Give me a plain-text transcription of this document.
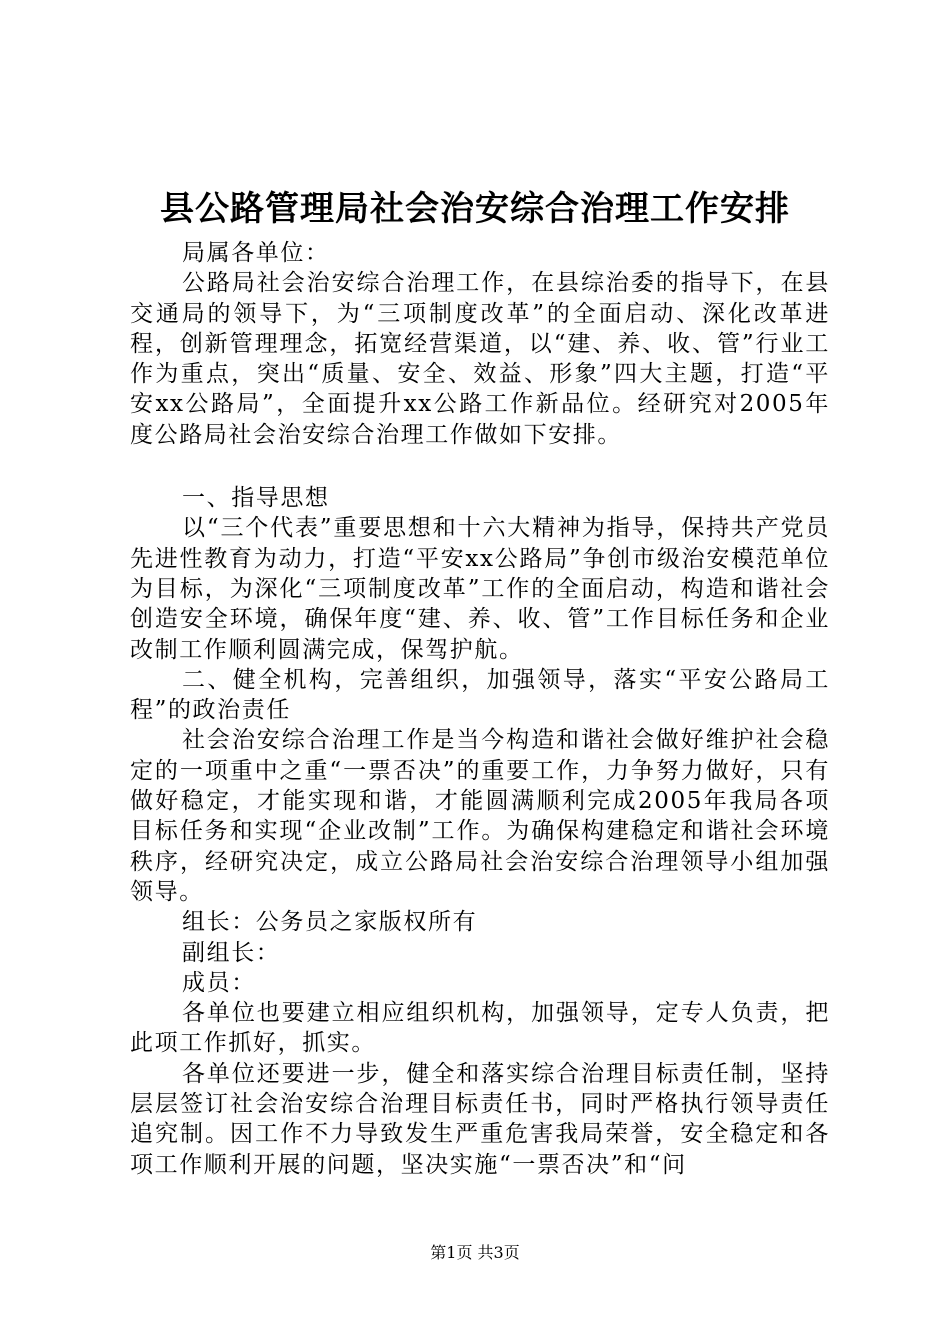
县公路管理局社会治安综合治理工作安排

局属各单位：

公路局社会治安综合治理工作，在县综治委的指导下，在县交通局的领导下，为“三项制度改革”的全面启动、深化改革进程，创新管理理念，拓宽经营渠道，以“建、养、收、管”行业工作为重点，突出“质量、安全、效益、形象”四大主题，打造“平安xx公路局”，全面提升xx公路工作新品位。经研究对2005年度公路局社会治安综合治理工作做如下安排。

一、指导思想

以“三个代表”重要思想和十六大精神为指导，保持共产党员先进性教育为动力，打造“平安xx公路局”争创市级治安模范单位为目标，为深化“三项制度改革”工作的全面启动，构造和谐社会创造安全环境，确保年度“建、养、收、管”工作目标任务和企业改制工作顺利圆满完成，保驾护航。

二、健全机构，完善组织，加强领导，落实“平安公路局工程”的政治责任

社会治安综合治理工作是当今构造和谐社会做好维护社会稳定的一项重中之重“一票否决”的重要工作，力争努力做好，只有做好稳定，才能实现和谐，才能圆满顺利完成2005年我局各项目标任务和实现“企业改制”工作。为确保构建稳定和谐社会环境秩序，经研究决定，成立公路局社会治安综合治理领导小组加强领导。

组长：公务员之家版权所有

副组长：

成员：

各单位也要建立相应组织机构，加强领导，定专人负责，把此项工作抓好，抓实。

各单位还要进一步，健全和落实综合治理目标责任制，坚持层层签订社会治安综合治理目标责任书，同时严格执行领导责任追究制。因工作不力导致发生严重危害我局荣誉，安全稳定和各项工作顺利开展的问题，坚决实施“一票否决”和“问

第1页 共3页
